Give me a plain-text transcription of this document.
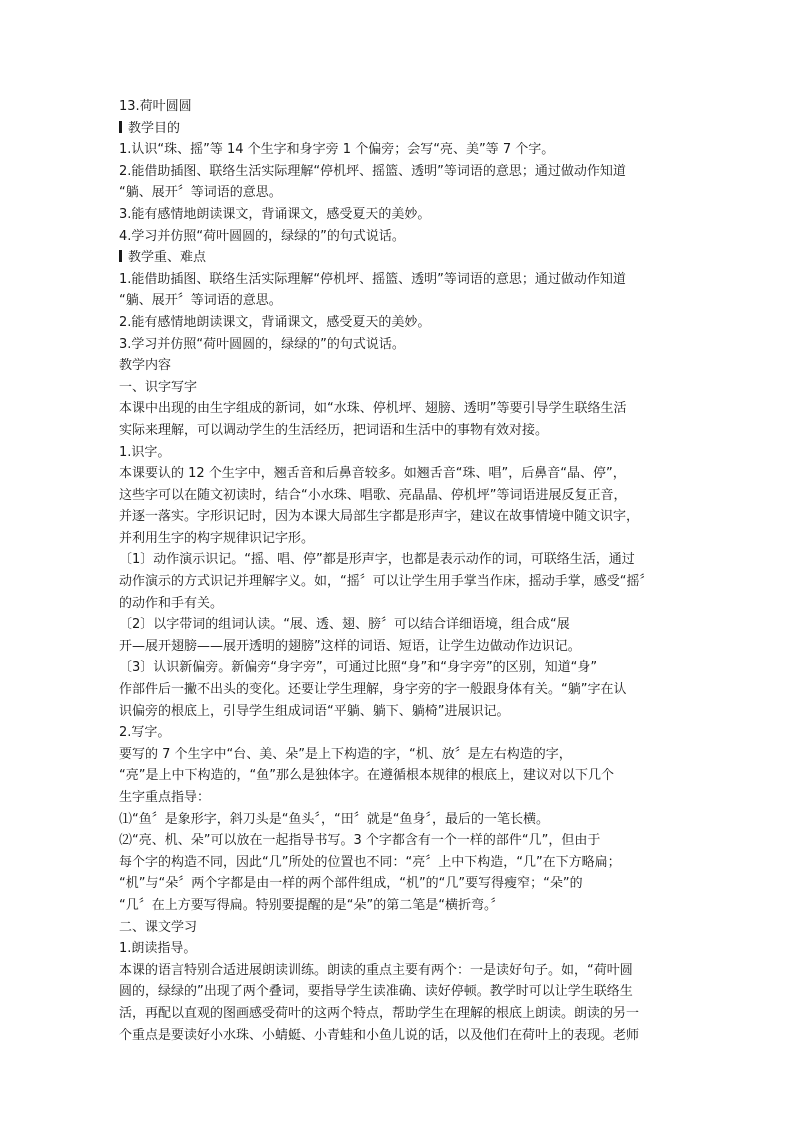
13.荷叶圆圆
教学目的
1.认识“珠、摇”等 14 个生字和身字旁 1 个偏旁；会写“亮、美”等 7 个字。
2.能借助插图、联络生活实际理解“停机坪、摇篮、透明”等词语的意思；通过做动作知道
“躺、展开〞等词语的意思。
3.能有感情地朗读课文，背诵课文，感受夏天的美妙。
4.学习并仿照“荷叶圆圆的，绿绿的”的句式说话。
教学重、难点
1.能借助插图、联络生活实际理解“停机坪、摇篮、透明”等词语的意思；通过做动作知道
“躺、展开〞等词语的意思。
2.能有感情地朗读课文，背诵课文，感受夏天的美妙。
3.学习并仿照“荷叶圆圆的，绿绿的”的句式说话。
教学内容
一、识字写字
本课中出现的由生字组成的新词，如“水珠、停机坪、翅膀、透明”等要引导学生联络生活
实际来理解，可以调动学生的生活经历，把词语和生活中的事物有效对接。
1.识字。
本课要认的 12 个生字中，翘舌音和后鼻音较多。如翘舌音“珠、唱”，后鼻音“晶、停”，
这些字可以在随文初读时，结合“小水珠、唱歌、亮晶晶、停机坪”等词语进展反复正音，
并逐一落实。字形识记时，因为本课大局部生字都是形声字，建议在故事情境中随文识字，
并利用生字的构字规律识记字形。
〔1〕动作演示识记。“摇、唱、停”都是形声字，也都是表示动作的词，可联络生活，通过
动作演示的方式识记并理解字义。如，“摇〞可以让学生用手掌当作床，摇动手掌，感受“摇〞
的动作和手有关。
〔2〕以字带词的组词认读。“展、透、翅、膀〞可以结合详细语境，组合成“展
开—展开翅膀——展开透明的翅膀”这样的词语、短语，让学生边做动作边识记。
〔3〕认识新偏旁。新偏旁“身字旁”，可通过比照“身”和“身字旁”的区别，知道“身”
作部件后一撇不出头的变化。还要让学生理解，身字旁的字一般跟身体有关。“躺”字在认
识偏旁的根底上，引导学生组成词语“平躺、躺下、躺椅”进展识记。
2.写字。
要写的 7 个生字中“台、美、朵”是上下构造的字，“机、放〞是左右构造的字，
“亮”是上中下构造的，“鱼”那么是独体字。在遵循根本规律的根底上，建议对以下几个
生字重点指导：
⑴“鱼〞是象形字，斜刀头是“鱼头〞，“田〞就是“鱼身〞，最后的一笔长横。
⑵“亮、机、朵”可以放在一起指导书写。3 个字都含有一个一样的部件“几”，但由于
每个字的构造不同，因此“几”所处的位置也不同：“亮〞上中下构造，“几”在下方略扁；
“机”与“朵〞两个字都是由一样的两个部件组成，“机”的“几”要写得瘦窄；“朵”的
“几〞在上方要写得扁。特别要提醒的是“朵”的第二笔是“横折弯。〞
二、课文学习
1.朗读指导。
本课的语言特别合适进展朗读训练。朗读的重点主要有两个：一是读好句子。如，“荷叶圆
圆的，绿绿的”出现了两个叠词，要指导学生读准确、读好停顿。教学时可以让学生联络生
活，再配以直观的图画感受荷叶的这两个特点，帮助学生在理解的根底上朗读。朗读的另一
个重点是要读好小水珠、小蜻蜓、小青蛙和小鱼儿说的话，以及他们在荷叶上的表现。老师
